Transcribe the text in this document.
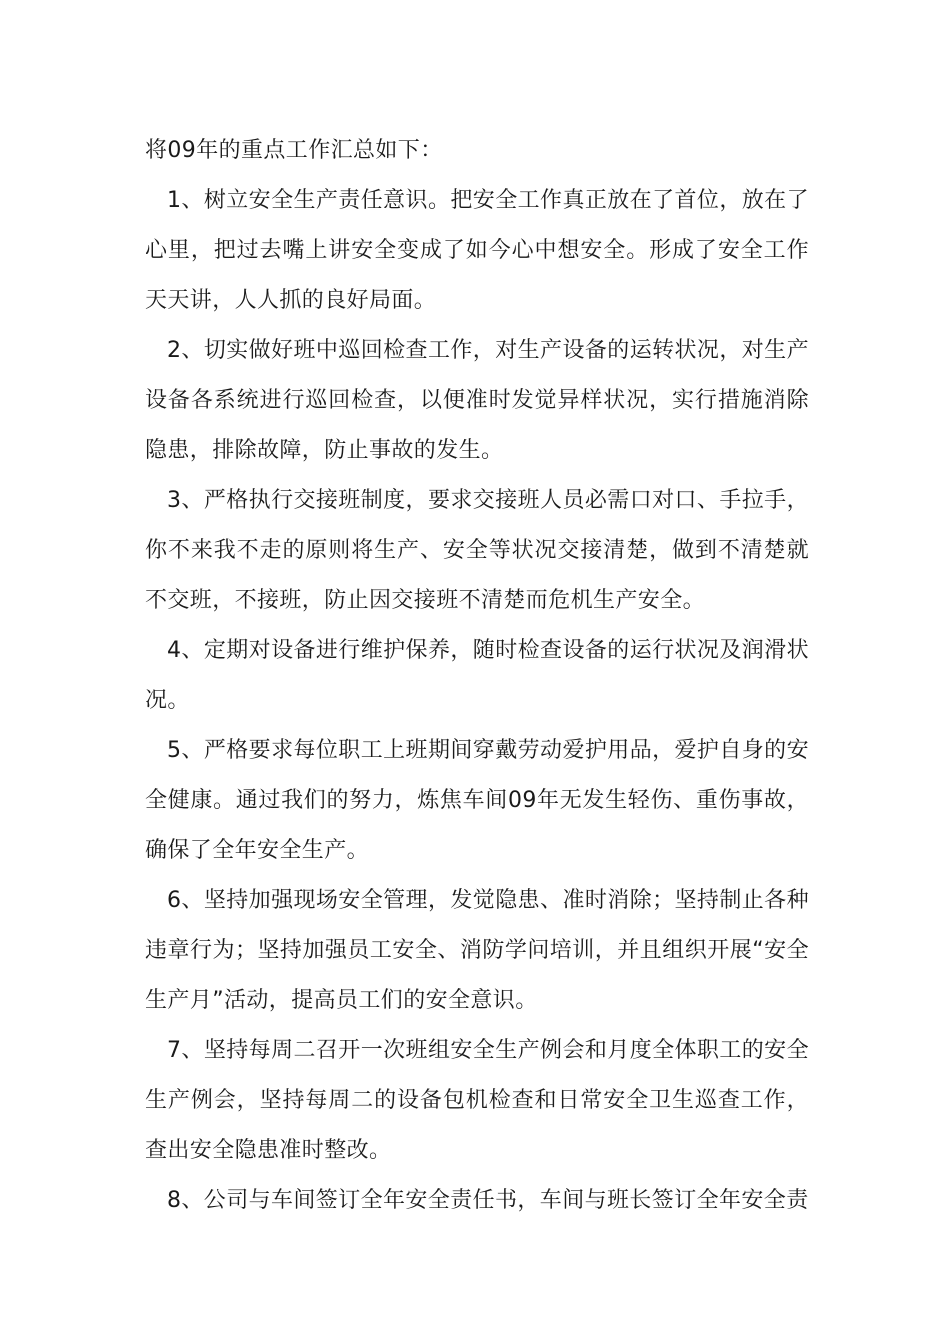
将09年的重点工作汇总如下：

1、树立安全生产责任意识。把安全工作真正放在了首位，放在了心里，把过去嘴上讲安全变成了如今心中想安全。形成了安全工作天天讲，人人抓的良好局面。

2、切实做好班中巡回检查工作，对生产设备的运转状况，对生产设备各系统进行巡回检查，以便准时发觉异样状况，实行措施消除隐患，排除故障，防止事故的发生。

3、严格执行交接班制度，要求交接班人员必需口对口、手拉手，你不来我不走的原则将生产、安全等状况交接清楚，做到不清楚就不交班，不接班，防止因交接班不清楚而危机生产安全。

4、定期对设备进行维护保养，随时检查设备的运行状况及润滑状况。

5、严格要求每位职工上班期间穿戴劳动爱护用品，爱护自身的安全健康。通过我们的努力，炼焦车间09年无发生轻伤、重伤事故，确保了全年安全生产。

6、坚持加强现场安全管理，发觉隐患、准时消除；坚持制止各种违章行为；坚持加强员工安全、消防学问培训，并且组织开展“安全生产月”活动，提高员工们的安全意识。

7、坚持每周二召开一次班组安全生产例会和月度全体职工的安全生产例会，坚持每周二的设备包机检查和日常安全卫生巡查工作，查出安全隐患准时整改。

8、公司与车间签订全年安全责任书，车间与班长签订全年安全责
